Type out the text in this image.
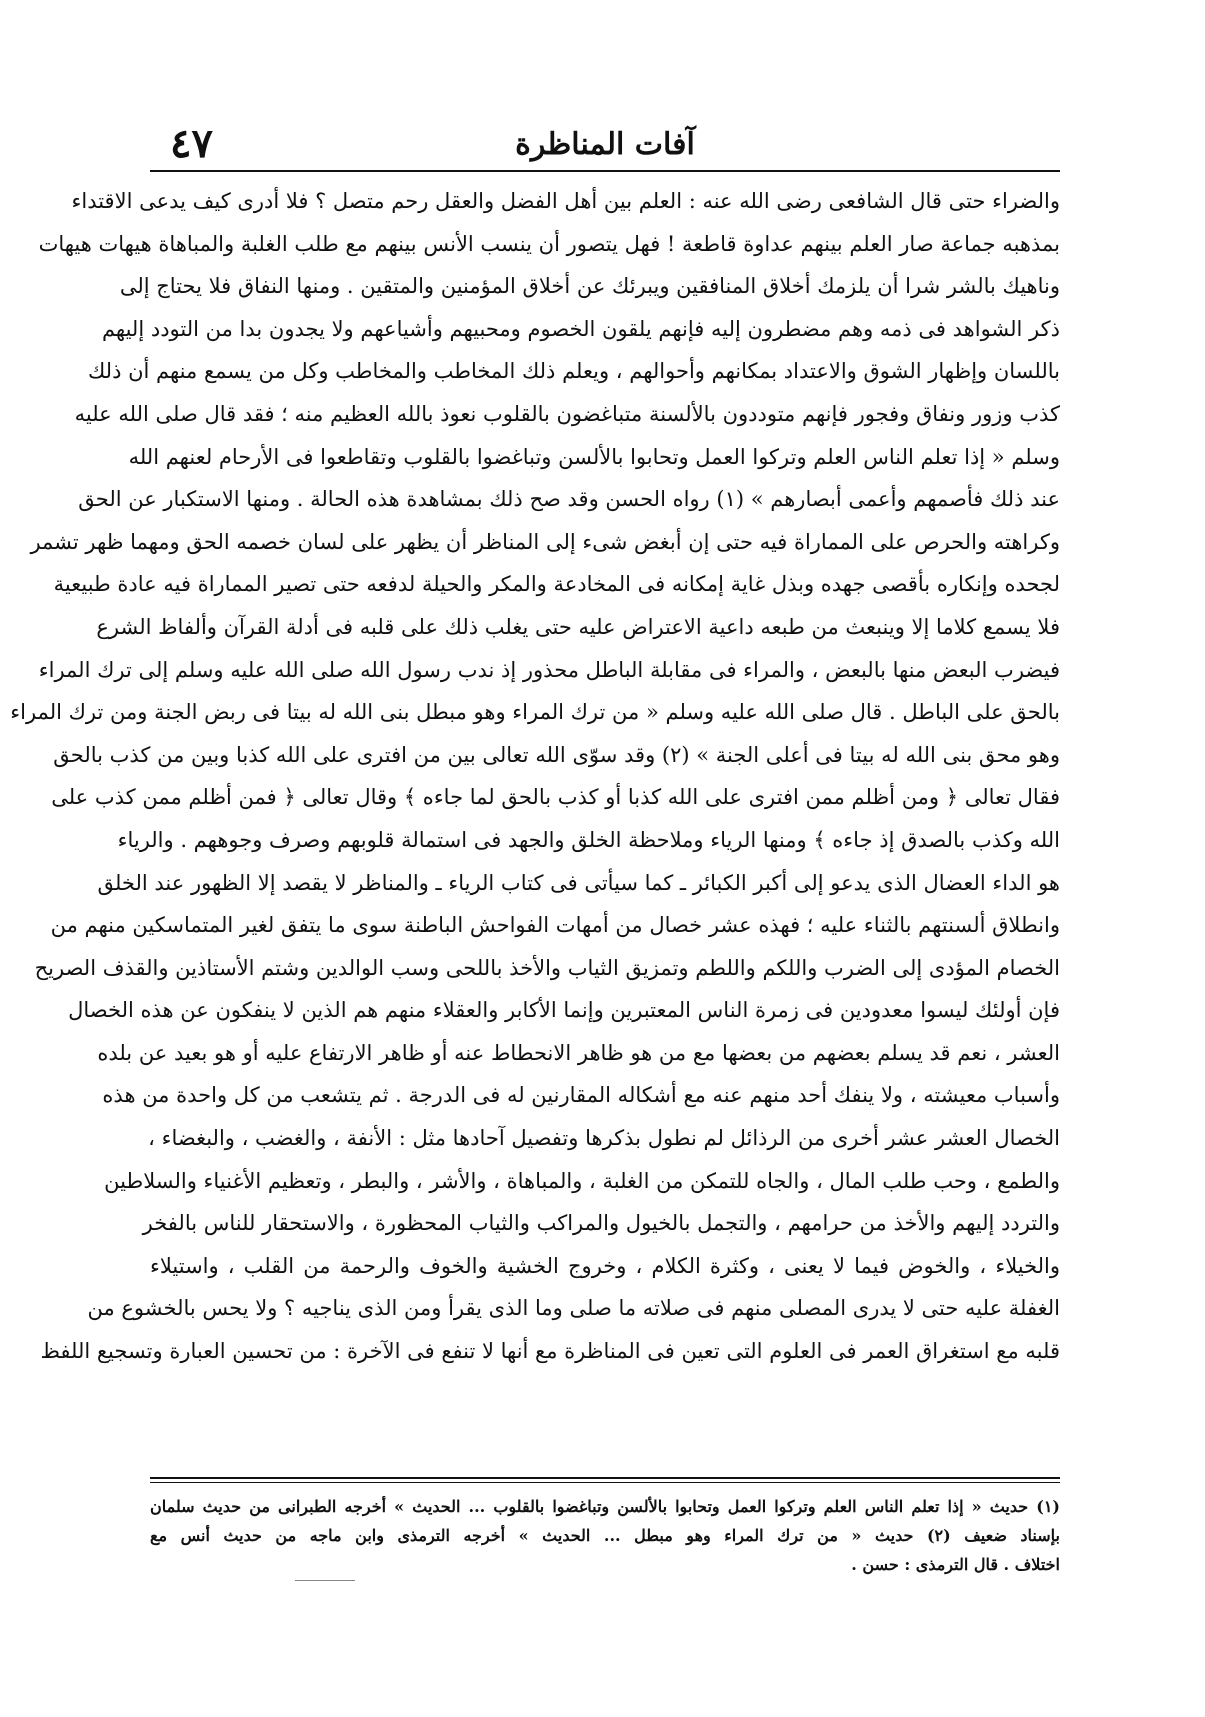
آفات المناظرة
٤٧
والضراء حتى قال الشافعى رضى الله عنه : العلم بين أهل الفضل والعقل رحم متصل ؟ فلا أدرى كيف يدعى الاقتداء
بمذهبه جماعة صار العلم بينهم عداوة قاطعة ! فهل يتصور أن ينسب الأنس بينهم مع طلب الغلبة والمباهاة هيهات هيهات
وناهيك بالشر شرا أن يلزمك أخلاق المنافقين ويبرئك عن أخلاق المؤمنين والمتقين . ومنها النفاق فلا يحتاج إلى
ذكر الشواهد فى ذمه وهم مضطرون إليه فإنهم يلقون الخصوم ومحبيهم وأشياعهم ولا يجدون بدا من التودد إليهم
باللسان وإظهار الشوق والاعتداد بمكانهم وأحوالهم ، ويعلم ذلك المخاطب والمخاطب وكل من يسمع منهم أن ذلك
كذب وزور ونفاق وفجور فإنهم متوددون بالألسنة متباغضون بالقلوب نعوذ بالله العظيم منه ؛ فقد قال صلى الله عليه
وسلم « إذا تعلم الناس العلم وتركوا العمل وتحابوا بالألسن وتباغضوا بالقلوب وتقاطعوا فى الأرحام لعنهم الله
عند ذلك فأصمهم وأعمى أبصارهم » (١) رواه الحسن وقد صح ذلك بمشاهدة هذه الحالة . ومنها الاستكبار عن الحق
وكراهته والحرص على المماراة فيه حتى إن أبغض شىء إلى المناظر أن يظهر على لسان خصمه الحق ومهما ظهر تشمر
لجحده وإنكاره بأقصى جهده وبذل غاية إمكانه فى المخادعة والمكر والحيلة لدفعه حتى تصير المماراة فيه عادة طبيعية
فلا يسمع كلاما إلا وينبعث من طبعه داعية الاعتراض عليه حتى يغلب ذلك على قلبه فى أدلة القرآن وألفاظ الشرع
فيضرب البعض منها بالبعض ، والمراء فى مقابلة الباطل محذور إذ ندب رسول الله صلى الله عليه وسلم إلى ترك المراء
بالحق على الباطل . قال صلى الله عليه وسلم « من ترك المراء وهو مبطل بنى الله له بيتا فى ربض الجنة ومن ترك المراء
وهو محق بنى الله له بيتا فى أعلى الجنة » (٢) وقد سوّى الله تعالى بين من افترى على الله كذبا وبين من كذب بالحق
فقال تعالى ﴿ ومن أظلم ممن افترى على الله كذبا أو كذب بالحق لما جاءه ﴾ وقال تعالى ﴿ فمن أظلم ممن كذب على
الله وكذب بالصدق إذ جاءه ﴾ ومنها الرياء وملاحظة الخلق والجهد فى استمالة قلوبهم وصرف وجوههم . والرياء
هو الداء العضال الذى يدعو إلى أكبر الكبائر ـ كما سيأتى فى كتاب الرياء ـ والمناظر لا يقصد إلا الظهور عند الخلق
وانطلاق ألسنتهم بالثناء عليه ؛ فهذه عشر خصال من أمهات الفواحش الباطنة سوى ما يتفق لغير المتماسكين منهم من
الخصام المؤدى إلى الضرب واللكم واللطم وتمزيق الثياب والأخذ باللحى وسب الوالدين وشتم الأستاذين والقذف الصريح
فإن أولئك ليسوا معدودين فى زمرة الناس المعتبرين وإنما الأكابر والعقلاء منهم هم الذين لا ينفكون عن هذه الخصال
العشر ، نعم قد يسلم بعضهم من بعضها مع من هو ظاهر الانحطاط عنه أو ظاهر الارتفاع عليه أو هو بعيد عن بلده
وأسباب معيشته ، ولا ينفك أحد منهم عنه مع أشكاله المقارنين له فى الدرجة . ثم يتشعب من كل واحدة من هذه
الخصال العشر عشر أخرى من الرذائل لم نطول بذكرها وتفصيل آحادها مثل : الأنفة ، والغضب ، والبغضاء ،
والطمع ، وحب طلب المال ، والجاه للتمكن من الغلبة ، والمباهاة ، والأشر ، والبطر ، وتعظيم الأغنياء والسلاطين
والتردد إليهم والأخذ من حرامهم ، والتجمل بالخيول والمراكب والثياب المحظورة ، والاستحقار للناس بالفخر
والخيلاء ، والخوض فيما لا يعنى ، وكثرة الكلام ، وخروج الخشية والخوف والرحمة من القلب ، واستيلاء
الغفلة عليه حتى لا يدرى المصلى منهم فى صلاته ما صلى وما الذى يقرأ ومن الذى يناجيه ؟ ولا يحس بالخشوع من
قلبه مع استغراق العمر فى العلوم التى تعين فى المناظرة مع أنها لا تنفع فى الآخرة : من تحسين العبارة وتسجيع اللفظ
(١) حديث « إذا تعلم الناس العلم وتركوا العمل وتحابوا بالألسن وتباغضوا بالقلوب ... الحديث » أخرجه الطبرانى من حديث سلمان
بإسناد ضعيف (٢) حديث « من ترك المراء وهو مبطل ... الحديث » أخرجه الترمذى وابن ماجه من حديث أنس مع
اختلاف . قال الترمذى : حسن .
